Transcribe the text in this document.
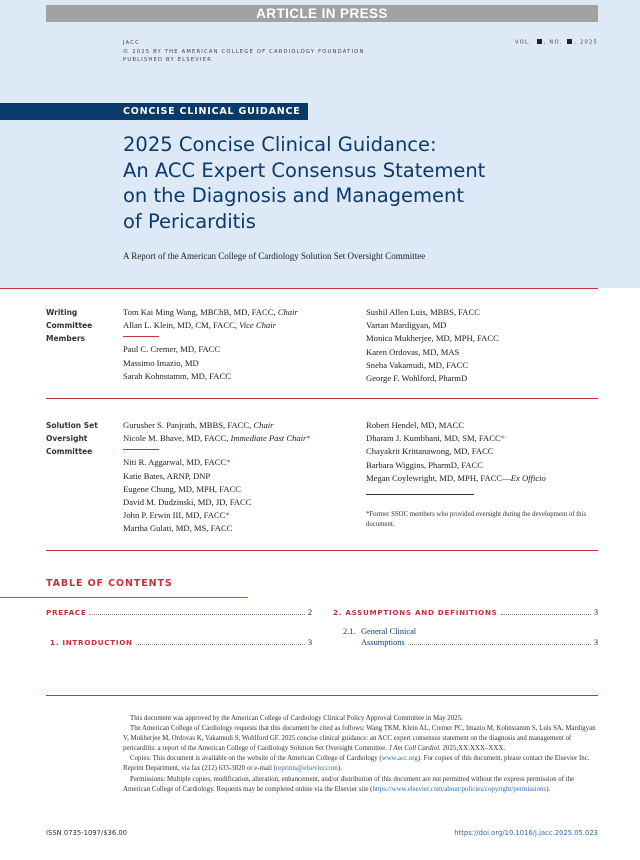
ARTICLE IN PRESS
JACC
© 2025 BY THE AMERICAN COLLEGE OF CARDIOLOGY FOUNDATION
PUBLISHED BY ELSEVIER
VOL. , NO. , 2025
CONCISE CLINICAL GUIDANCE
2025 Concise Clinical Guidance:
An ACC Expert Consensus Statement
on the Diagnosis and Management
of Pericarditis
A Report of the American College of Cardiology Solution Set Oversight Committee
Writing
Committee
Members
Tom Kai Ming Wang, MBChB, MD, FACC, Chair
Allan L. Klein, MD, CM, FACC, Vice Chair
Paul C. Cremer, MD, FACC
Massimo Imazio, MD
Sarah Kohnstamm, MD, FACC
Sushil Allen Luis, MBBS, FACC
Vartan Mardigyan, MD
Monica Mukherjee, MD, MPH, FACC
Karen Ordovas, MD, MAS
Sneha Vakamudi, MD, FACC
George F. Wohlford, PharmD
Solution Set
Oversight
Committee
Gurusher S. Panjrath, MBBS, FACC, Chair
Nicole M. Bhave, MD, FACC, Immediate Past Chair*
Niti R. Aggarwal, MD, FACC*
Katie Bates, ARNP, DNP
Eugene Chung, MD, MPH, FACC
David M. Dudzinski, MD, JD, FACC
John P. Erwin III, MD, FACC*
Martha Gulati, MD, MS, FACC
Robert Hendel, MD, MACC
Dharam J. Kumbhani, MD, SM, FACC*
Chayakrit Krittanawong, MD, FACC
Barbara Wiggins, PharmD, FACC
Megan Coylewright, MD, MPH, FACC—Ex Officio
*Former SSOC members who provided oversight during the development of this document.
TABLE OF CONTENTS
PREFACE	2
1. INTRODUCTION	3
2. ASSUMPTIONS AND DEFINITIONS	3
2.1. General Clinical
Assumptions	3

This document was approved by the American College of Cardiology Clinical Policy Approval Committee in May 2025.

The American College of Cardiology requests that this document be cited as follows: Wang TKM, Klein AL, Cremer PC, Imazio M, Kohnstamm S, Luis SA, Mardigyan V, Mukherjee M, Ordovas K, Vakamudi S, Wohlford GF. 2025 concise clinical guidance: an ACC expert consensus statement on the diagnosis and management of pericarditis: a report of the American College of Cardiology Solution Set Oversight Committee. J Am Coll Cardiol. 2025;XX:XXX–XXX.

Copies: This document is available on the website of the American College of Cardiology (www.acc.org). For copies of this document, please contact the Elsevier Inc. Reprint Department, via fax (212) 633-3820 or e-mail (reprints@elsevier.com).

Permissions: Multiple copies, modification, alteration, enhancement, and/or distribution of this document are not permitted without the express permission of the American College of Cardiology. Requests may be completed online via the Elsevier site (https://www.elsevier.com/about/policies/copyright/permissions).

ISSN 0735-1097/$36.00	https://doi.org/10.1016/j.jacc.2025.05.023
